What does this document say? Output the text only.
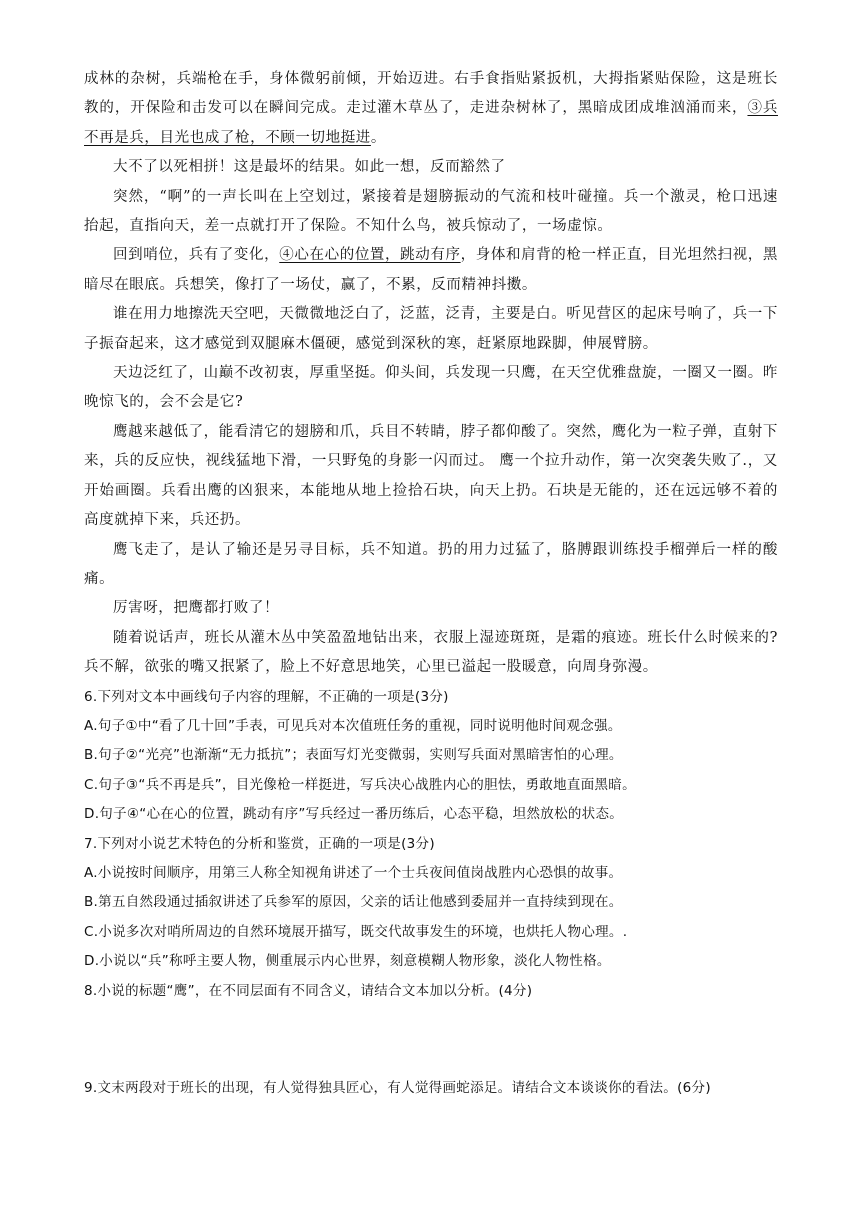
成林的杂树，兵端枪在手，身体微躬前倾，开始迈进。右手食指贴紧扳机，大拇指紧贴保险，这是班长教的，开保险和击发可以在瞬间完成。走过灌木草丛了，走进杂树林了，黑暗成团成堆汹涌而来，③兵不再是兵，目光也成了枪，不顾一切地挺进。

大不了以死相拼！这是最坏的结果。如此一想，反而豁然了

突然，“啊”的一声长叫在上空划过，紧接着是翅膀振动的气流和枝叶碰撞。兵一个激灵，枪口迅速抬起，直指向天，差一点就打开了保险。不知什么鸟，被兵惊动了，一场虚惊。

回到哨位，兵有了变化，④心在心的位置，跳动有序，身体和肩背的枪一样正直，目光坦然扫视，黑暗尽在眼底。兵想笑，像打了一场仗，赢了，不累，反而精神抖擞。

谁在用力地擦洗天空吧，天微微地泛白了，泛蓝，泛青，主要是白。听见营区的起床号响了，兵一下子振奋起来，这才感觉到双腿麻木僵硬，感觉到深秋的寒，赶紧原地跺脚，伸展臂膀。

天边泛红了，山巅不改初衷，厚重坚挺。仰头间，兵发现一只鹰，在天空优雅盘旋，一圈又一圈。昨晚惊飞的，会不会是它?

鹰越来越低了，能看清它的翅膀和爪，兵目不转睛，脖子都仰酸了。突然，鹰化为一粒子弹，直射下来，兵的反应快，视线猛地下滑，一只野兔的身影一闪而过。 鹰一个拉升动作，第一次突袭失败了.，又开始画圈。兵看出鹰的凶狠来，本能地从地上捡拾石块，向天上扔。石块是无能的，还在远远够不着的高度就掉下来，兵还扔。

鹰飞走了，是认了输还是另寻目标，兵不知道。扔的用力过猛了，胳膊跟训练投手榴弹后一样的酸痛。

厉害呀，把鹰都打败了！

随着说话声，班长从灌木丛中笑盈盈地钻出来，衣服上湿迹斑斑，是霜的痕迹。班长什么时候来的?兵不解，欲张的嘴又抿紧了，脸上不好意思地笑，心里已溢起一股暖意，向周身弥漫。

6.下列对文本中画线句子内容的理解，不正确的一项是(3分)

A.句子①中“看了几十回”手表，可见兵对本次值班任务的重视，同时说明他时间观念强。

B.句子②“光亮”也渐渐“无力抵抗”；表面写灯光变微弱，实则写兵面对黑暗害怕的心理。

C.句子③“兵不再是兵”，目光像枪一样挺进，写兵决心战胜内心的胆怯，勇敢地直面黑暗。

D.句子④“心在心的位置，跳动有序”写兵经过一番历练后，心态平稳，坦然放松的状态。

7.下列对小说艺术特色的分析和鉴赏，正确的一项是(3分)

A.小说按时间顺序，用第三人称全知视角讲述了一个士兵夜间值岗战胜内心恐惧的故事。

B.第五自然段通过插叙讲述了兵参军的原因，父亲的话让他感到委屈并一直持续到现在。

C.小说多次对哨所周边的自然环境展开描写，既交代故事发生的环境，也烘托人物心理。.

D.小说以“兵”称呼主要人物，侧重展示内心世界，刻意模糊人物形象，淡化人物性格。

8.小说的标题“鹰”，在不同层面有不同含义，请结合文本加以分析。(4分)

9.文末两段对于班长的出现，有人觉得独具匠心，有人觉得画蛇添足。请结合文本谈谈你的看法。(6分)
